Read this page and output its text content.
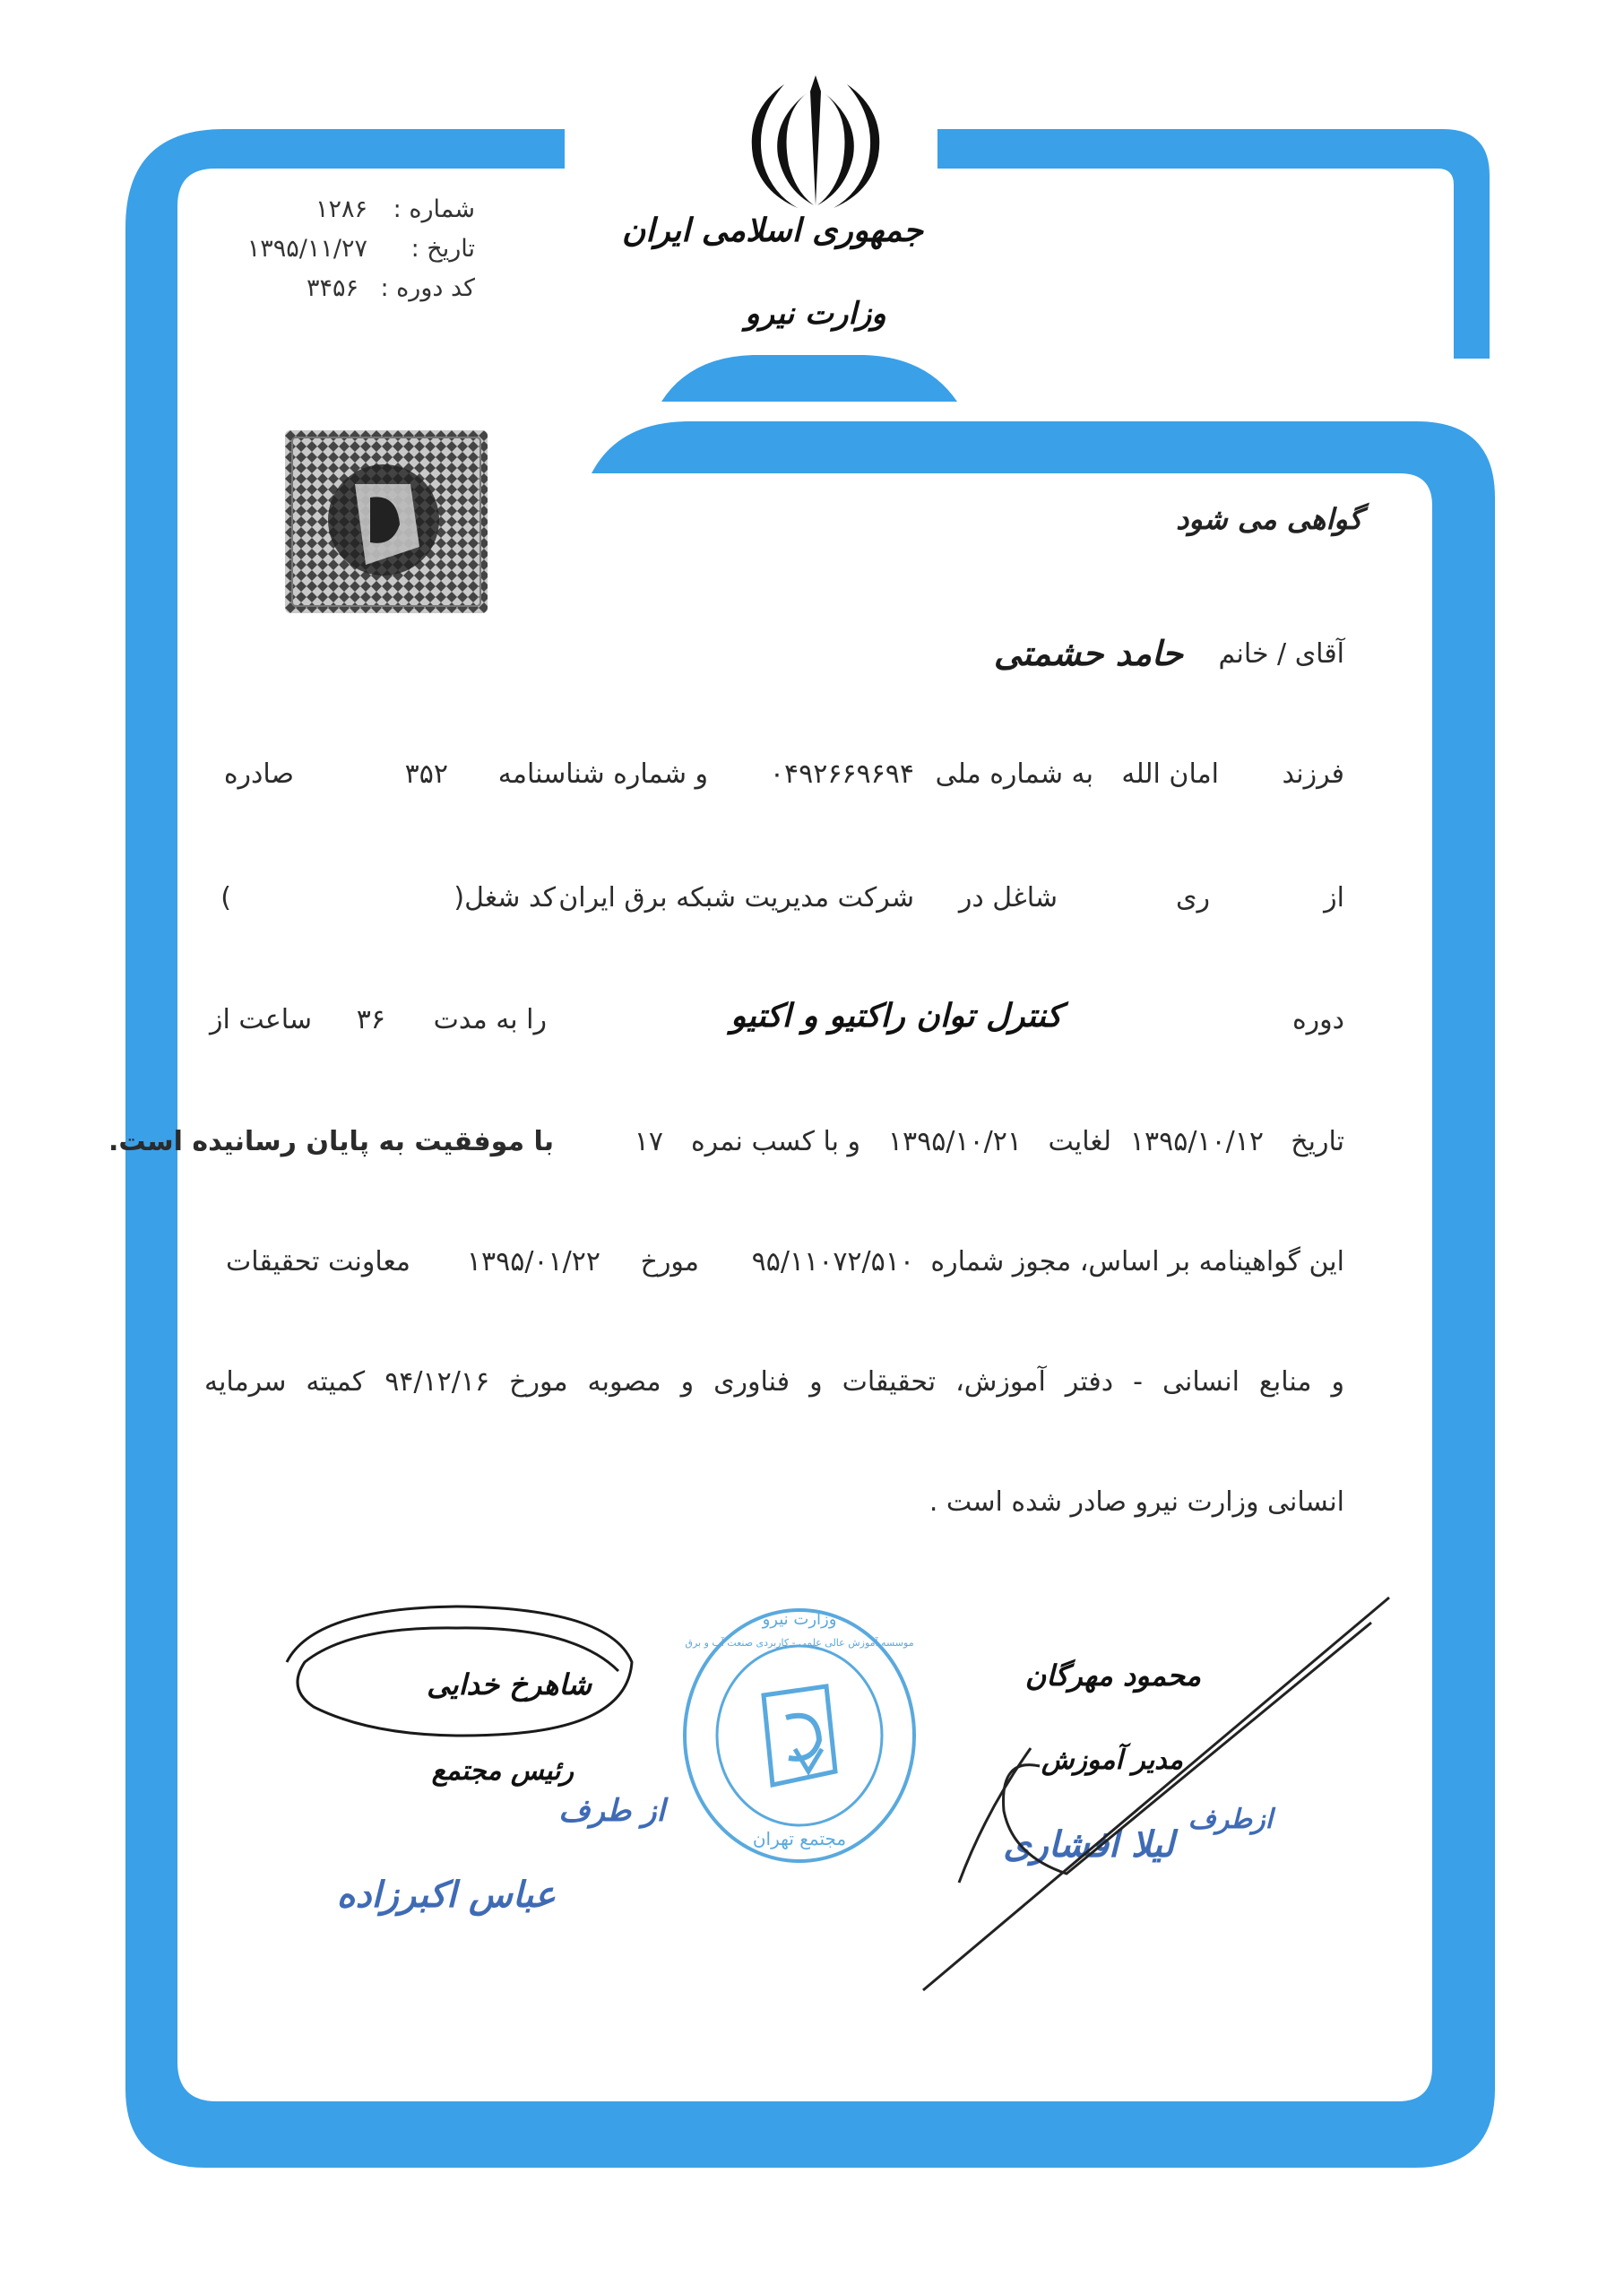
جمهوری اسلامی ایران
وزارت نیرو
شماره :
۱۲۸۶
تاریخ :
۱۳۹۵/۱۱/۲۷
کد دوره :
۳۴۵۶
گواهی می شود
آقای / خانم
حامد حشمتی
فرزند
امان الله
به شماره ملی
۰۴۹۲۶۶۹۶۹۴
و شماره شناسنامه
۳۵۲
صادره
از
ری
شاغل در
شرکت مدیریت شبکه برق ایران
کد شغل(
)
دوره
کنترل توان راکتیو و اکتیو
را به مدت
۳۶
ساعت از
تاریخ
۱۳۹۵/۱۰/۱۲
لغایت
۱۳۹۵/۱۰/۲۱
و با کسب نمره
۱۷
با موفقیت به پایان رسانیده است.
این گواهینامه بر اساس، مجوز شماره
۹۵/۱۱۰۷۲/۵۱۰
مورخ
۱۳۹۵/۰۱/۲۲
معاونت تحقیقات
و منابع انسانی - دفتر آموزش، تحقیقات و فناوری و مصوبه مورخ ۹۴/۱۲/۱۶ کمیته سرمایه
انسانی وزارت نیرو صادر شده است .
وزارت نیرو
موسسه آموزش عالی علمی - کاربردی صنعت آب و برق
مجتمع تهران
شاهرخ خدایی
رئیس مجتمع
از طرف
عباس اکبرزاده
محمود مهرگان
مدیر آموزش
ازطرف
لیلا افشاری
